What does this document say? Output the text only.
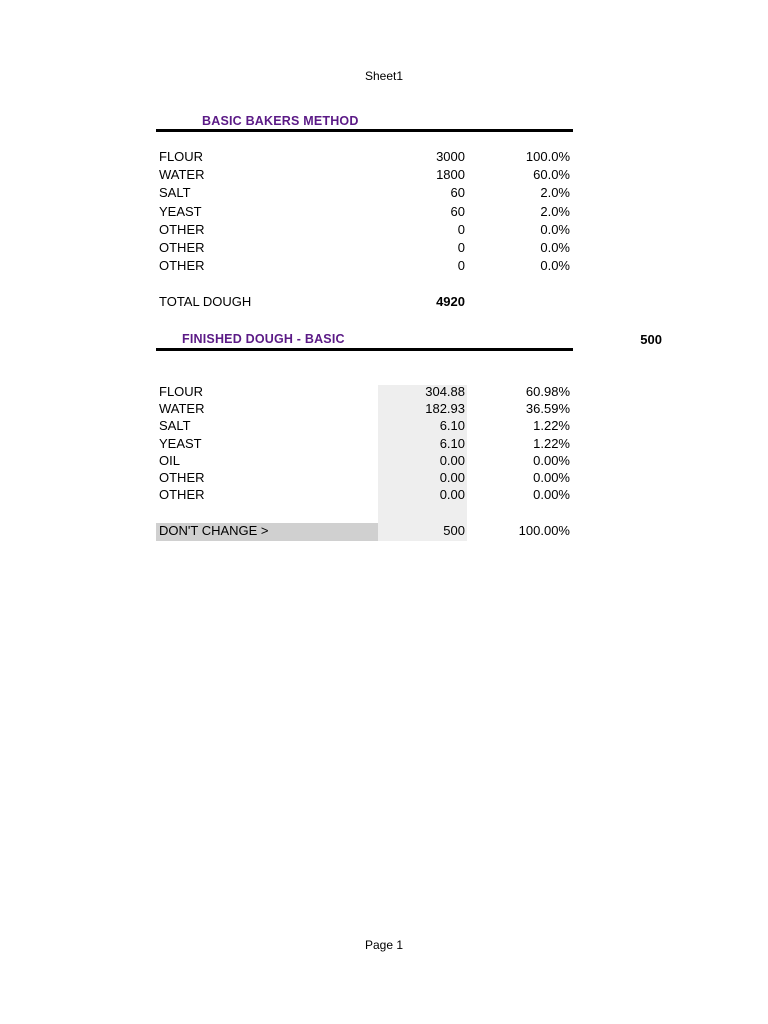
Sheet1
BASIC BAKERS METHOD
FLOUR	3000	100.0%
WATER	1800	60.0%
SALT	60	2.0%
YEAST	60	2.0%
OTHER	0	0.0%
OTHER	0	0.0%
OTHER	0	0.0%
TOTAL DOUGH	4920
FINISHED DOUGH - BASIC	500
FLOUR	304.88	60.98%
WATER	182.93	36.59%
SALT	6.10	1.22%
YEAST	6.10	1.22%
OIL	0.00	0.00%
OTHER	0.00	0.00%
OTHER	0.00	0.00%
DON'T CHANGE >	500	100.00%
Page 1
